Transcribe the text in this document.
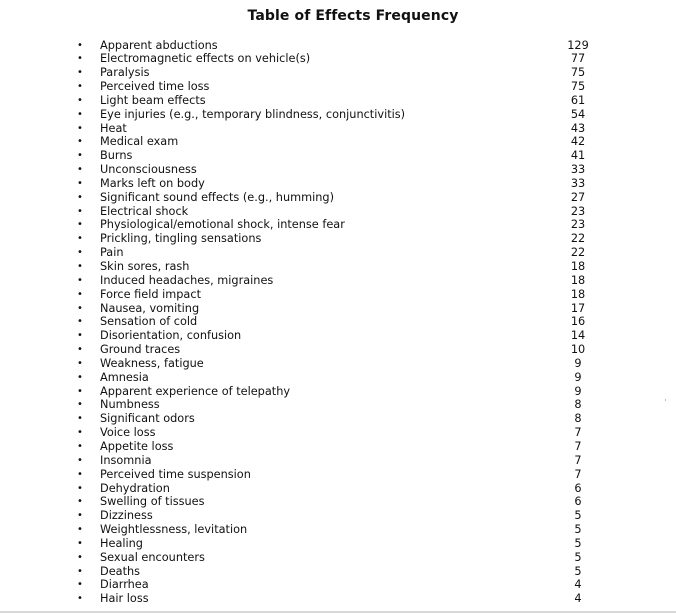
Table of Effects Frequency
• Apparent abductions	129
• Electromagnetic effects on vehicle(s)	77
• Paralysis	75
• Perceived time loss	75
• Light beam effects	61
• Eye injuries (e.g., temporary blindness, conjunctivitis)	54
• Heat	43
• Medical exam	42
• Burns	41
• Unconsciousness	33
• Marks left on body	33
• Significant sound effects (e.g., humming)	27
• Electrical shock	23
• Physiological/emotional shock, intense fear	23
• Prickling, tingling sensations	22
• Pain	22
• Skin sores, rash	18
• Induced headaches, migraines	18
• Force field impact	18
• Nausea, vomiting	17
• Sensation of cold	16
• Disorientation, confusion	14
• Ground traces	10
• Weakness, fatigue	9
• Amnesia	9
• Apparent experience of telepathy	9
• Numbness	8
• Significant odors	8
• Voice loss	7
• Appetite loss	7
• Insomnia	7
• Perceived time suspension	7
• Dehydration	6
• Swelling of tissues	6
• Dizziness	5
• Weightlessness, levitation	5
• Healing	5
• Sexual encounters	5
• Deaths	5
• Diarrhea	4
• Hair loss	4
